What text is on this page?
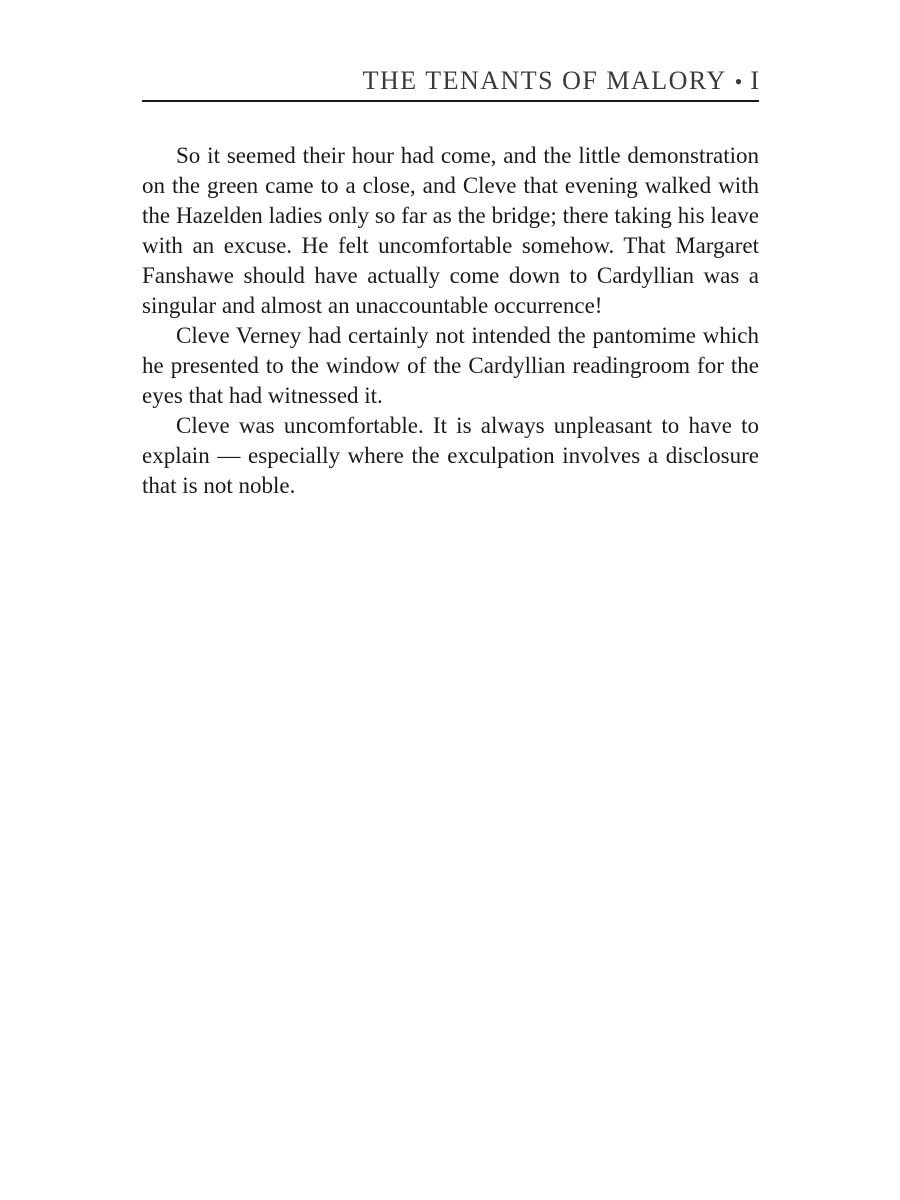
THE TENANTS OF MALORY • I

So it seemed their hour had come, and the little demonstration on the green came to a close, and Cleve that evening walked with the Hazelden ladies only so far as the bridge; there taking his leave with an excuse. He felt uncomfortable somehow. That Margaret Fanshawe should have actually come down to Cardyllian was a singular and almost an unaccountable occurrence!

Cleve Verney had certainly not intended the pantomime which he presented to the window of the Cardyllian readingroom for the eyes that had witnessed it.

Cleve was uncomfortable. It is always unpleasant to have to explain — especially where the exculpation involves a disclosure that is not noble.
